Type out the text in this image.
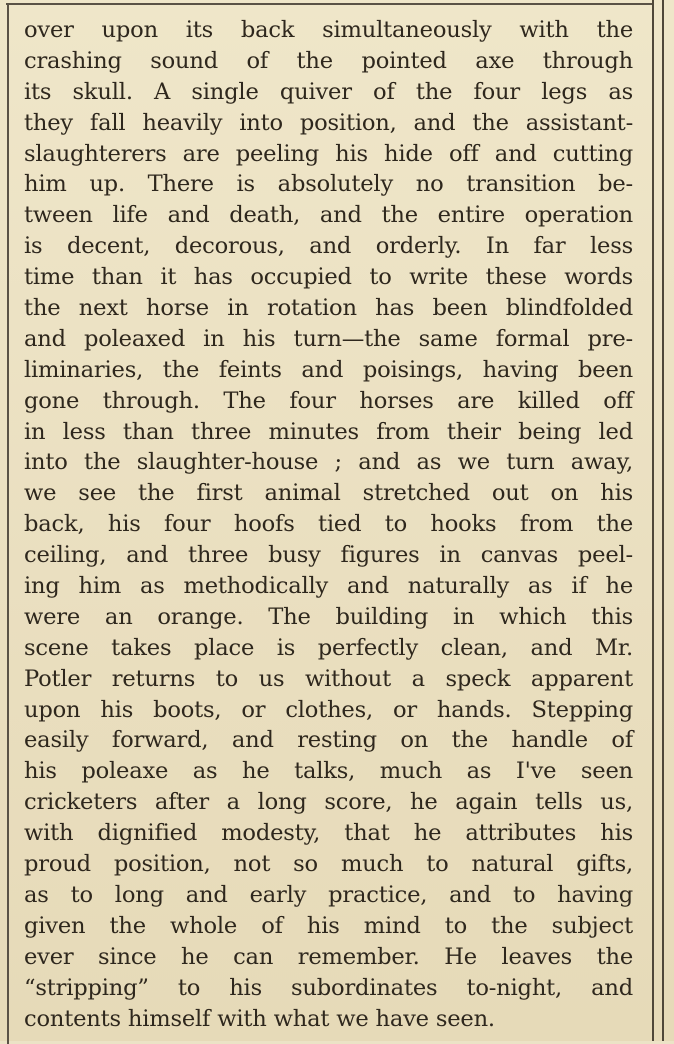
over upon its back simultaneously with the
crashing sound of the pointed axe through
its skull. A single quiver of the four legs as
they fall heavily into position, and the assistant-
slaughterers are peeling his hide off and cutting
him up. There is absolutely no transition be-
tween life and death, and the entire operation
is decent, decorous, and orderly. In far less
time than it has occupied to write these words
the next horse in rotation has been blindfolded
and poleaxed in his turn—the same formal pre-
liminaries, the feints and poisings, having been
gone through. The four horses are killed off
in less than three minutes from their being led
into the slaughter-house ; and as we turn away,
we see the first animal stretched out on his
back, his four hoofs tied to hooks from the
ceiling, and three busy figures in canvas peel-
ing him as methodically and naturally as if he
were an orange. The building in which this
scene takes place is perfectly clean, and Mr.
Potler returns to us without a speck apparent
upon his boots, or clothes, or hands. Stepping
easily forward, and resting on the handle of
his poleaxe as he talks, much as I've seen
cricketers after a long score, he again tells us,
with dignified modesty, that he attributes his
proud position, not so much to natural gifts,
as to long and early practice, and to having
given the whole of his mind to the subject
ever since he can remember. He leaves the
“stripping” to his subordinates to-night, and
contents himself with what we have seen.
